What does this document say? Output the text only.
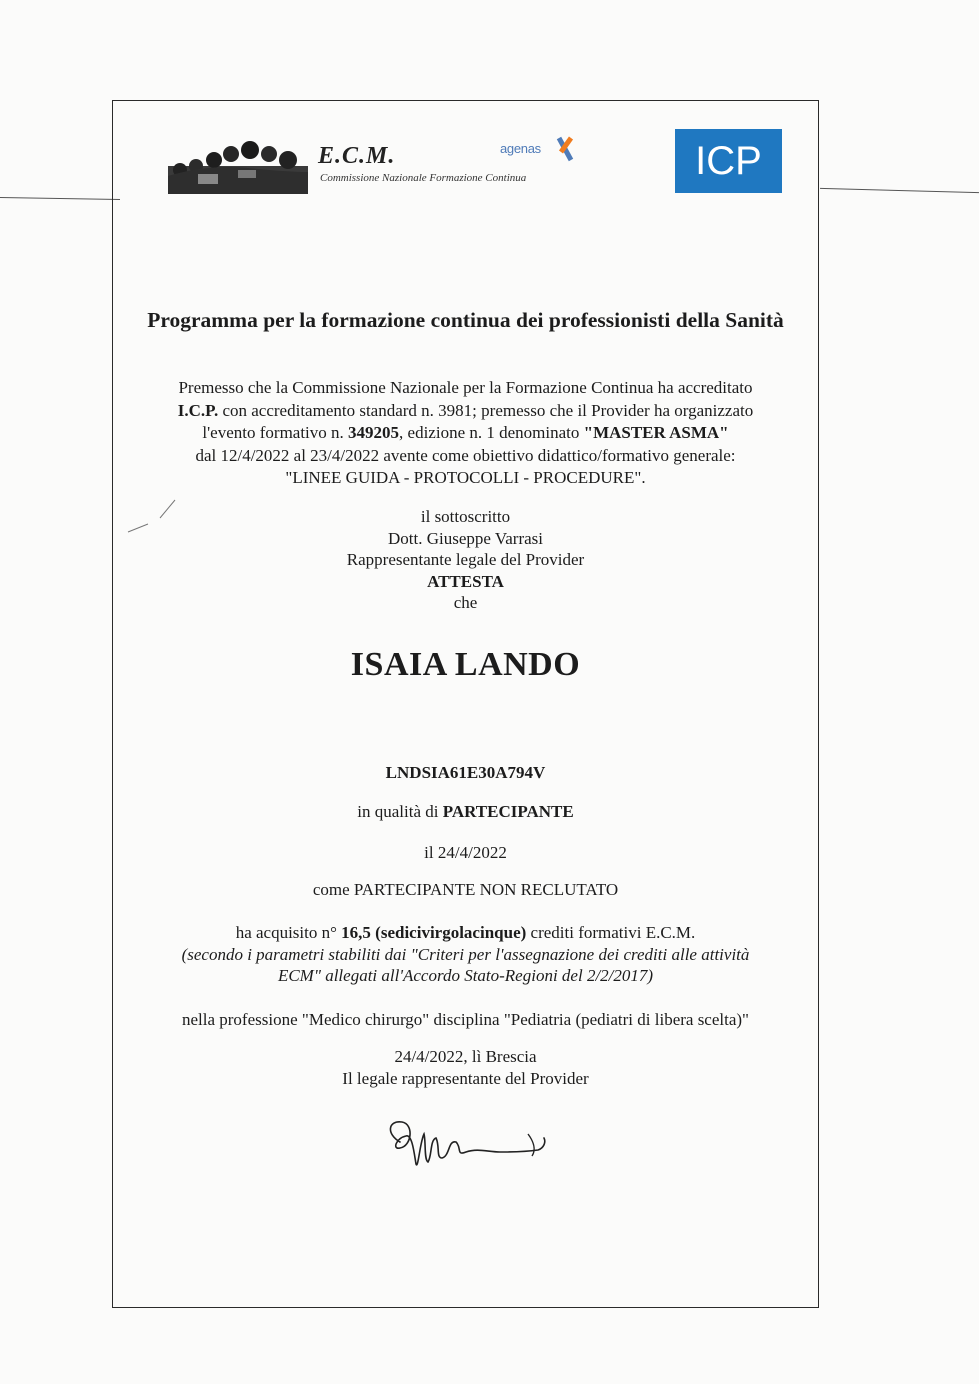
E.C.M.
Commissione Nazionale Formazione Continua
agenas	ICP
Programma per la formazione continua dei professionisti della Sanità
Premesso che la Commissione Nazionale per la Formazione Continua ha accreditato
I.C.P. con accreditamento standard n. 3981; premesso che il Provider ha organizzato
l'evento formativo n. 349205, edizione n. 1 denominato "MASTER ASMA"
dal 12/4/2022 al 23/4/2022 avente come obiettivo didattico/formativo generale:
"LINEE GUIDA - PROTOCOLLI - PROCEDURE".
il sottoscritto
Dott. Giuseppe Varrasi
Rappresentante legale del Provider
ATTESTA
che
ISAIA LANDO
LNDSIA61E30A794V
in qualità di PARTECIPANTE
il 24/4/2022
come PARTECIPANTE NON RECLUTATO
ha acquisito n° 16,5 (sedicivirgolacinque) crediti formativi E.C.M.
(secondo i parametri stabiliti dai "Criteri per l'assegnazione dei crediti alle attività
ECM" allegati all'Accordo Stato-Regioni del 2/2/2017)
nella professione "Medico chirurgo" disciplina "Pediatria (pediatri di libera scelta)"
24/4/2022, lì Brescia
Il legale rappresentante del Provider
